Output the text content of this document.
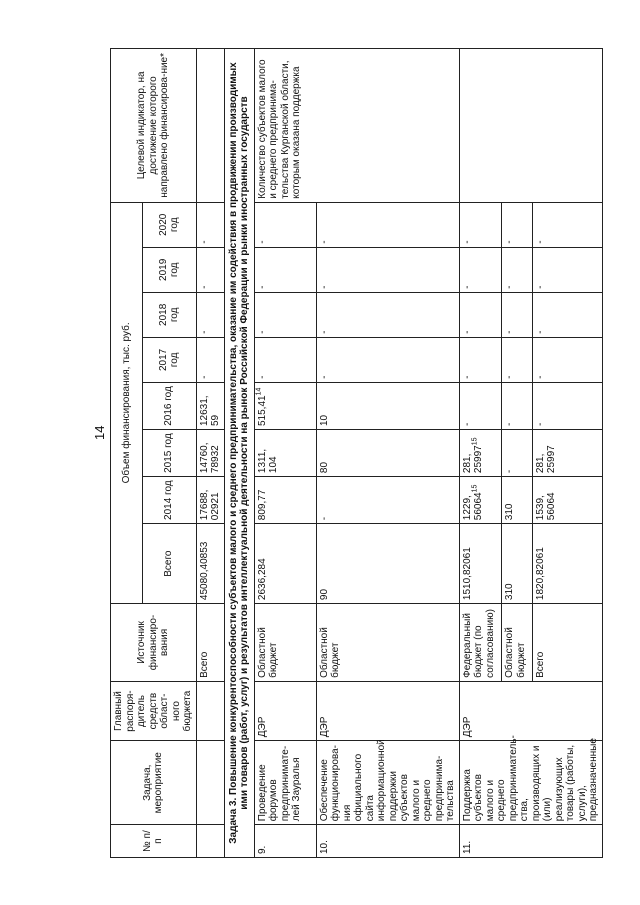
14
№ п/п	Задача, мероприятие	Главный распоря-дитель средств област-ного бюджета	Источник финансиро-вания	Объем финансирования, тыс. руб.								Целевой индикатор, на достижение которого направлено финансирова-ние*
				Всего	2014 год	2015 год	2016 год	2017 год	2018 год	2019 год	2020 год	
			Всего	45080,40853	17688, 02921	14760, 78932	12631, 59	-	-	-	-	
Задача 3. Повышение конкурентоспособности субъектов малого и среднего предпринимательства, оказание им содействия в продвижении производимых ими товаров (работ, услуг) и результатов интеллектуальной деятельности на рынок Российской Федерации и рынки иностранных государств												
9.	Проведение форумов предпринимате-лей Зауралья	ДЭР	Областной бюджет	2636,284	809,77	1311, 104	515,41$^{14}$	-	-	-	-	Количество субъектов малого и среднего предпринима-тельства Курганской области, которым оказана поддержка
10.	Обеспечение функционирова-ния официального сайта информационной поддержки субъектов малого и среднего предпринима-тельства	ДЭР	Областной бюджет	90	-	80	10	-	-	-	-	
11.	Поддержка субъектов малого и среднего предприниматель-ства, производящих и (или) реализующих товары (работы, услуги), предназначенные	ДЭР	Федеральный бюджет (по согласованию)	1510,82061	1229, 56064$^{15}$	281, 25997$^{15}$	-	-	-	-	-	
			Областной бюджет	310	310	-	-	-	-	-	-	
			Всего	1820,82061	1539, 56064	281, 25997	-	-	-	-	-	
